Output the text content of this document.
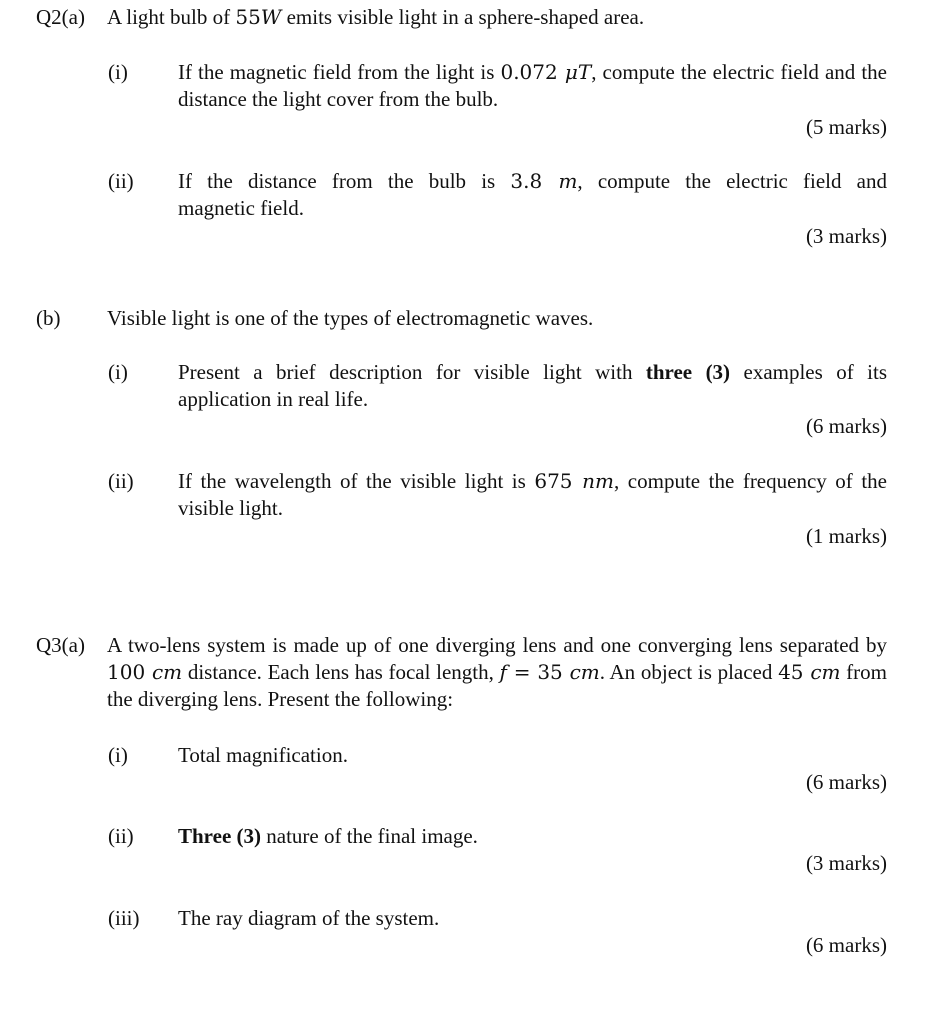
Q2(a) A light bulb of 55W emits visible light in a sphere-shaped area.
(i) If the magnetic field from the light is 0.072 μT, compute the electric field and the distance the light cover from the bulb.
(5 marks)
(ii) If the distance from the bulb is 3.8 m, compute the electric field and
magnetic field.
(3 marks)
(b) Visible light is one of the types of electromagnetic waves.
(i) Present a brief description for visible light with three (3) examples of its application in real life.
(6 marks)
(ii) If the wavelength of the visible light is 675 nm, compute the frequency of the visible light.
(1 marks)
Q3(a) A two-lens system is made up of one diverging lens and one converging lens separated by 100 cm distance. Each lens has focal length, f = 35 cm. An object is placed 45 cm from the diverging lens. Present the following:
(i) Total magnification.
(6 marks)
(ii) Three (3) nature of the final image.
(3 marks)
(iii) The ray diagram of the system.
(6 marks)
